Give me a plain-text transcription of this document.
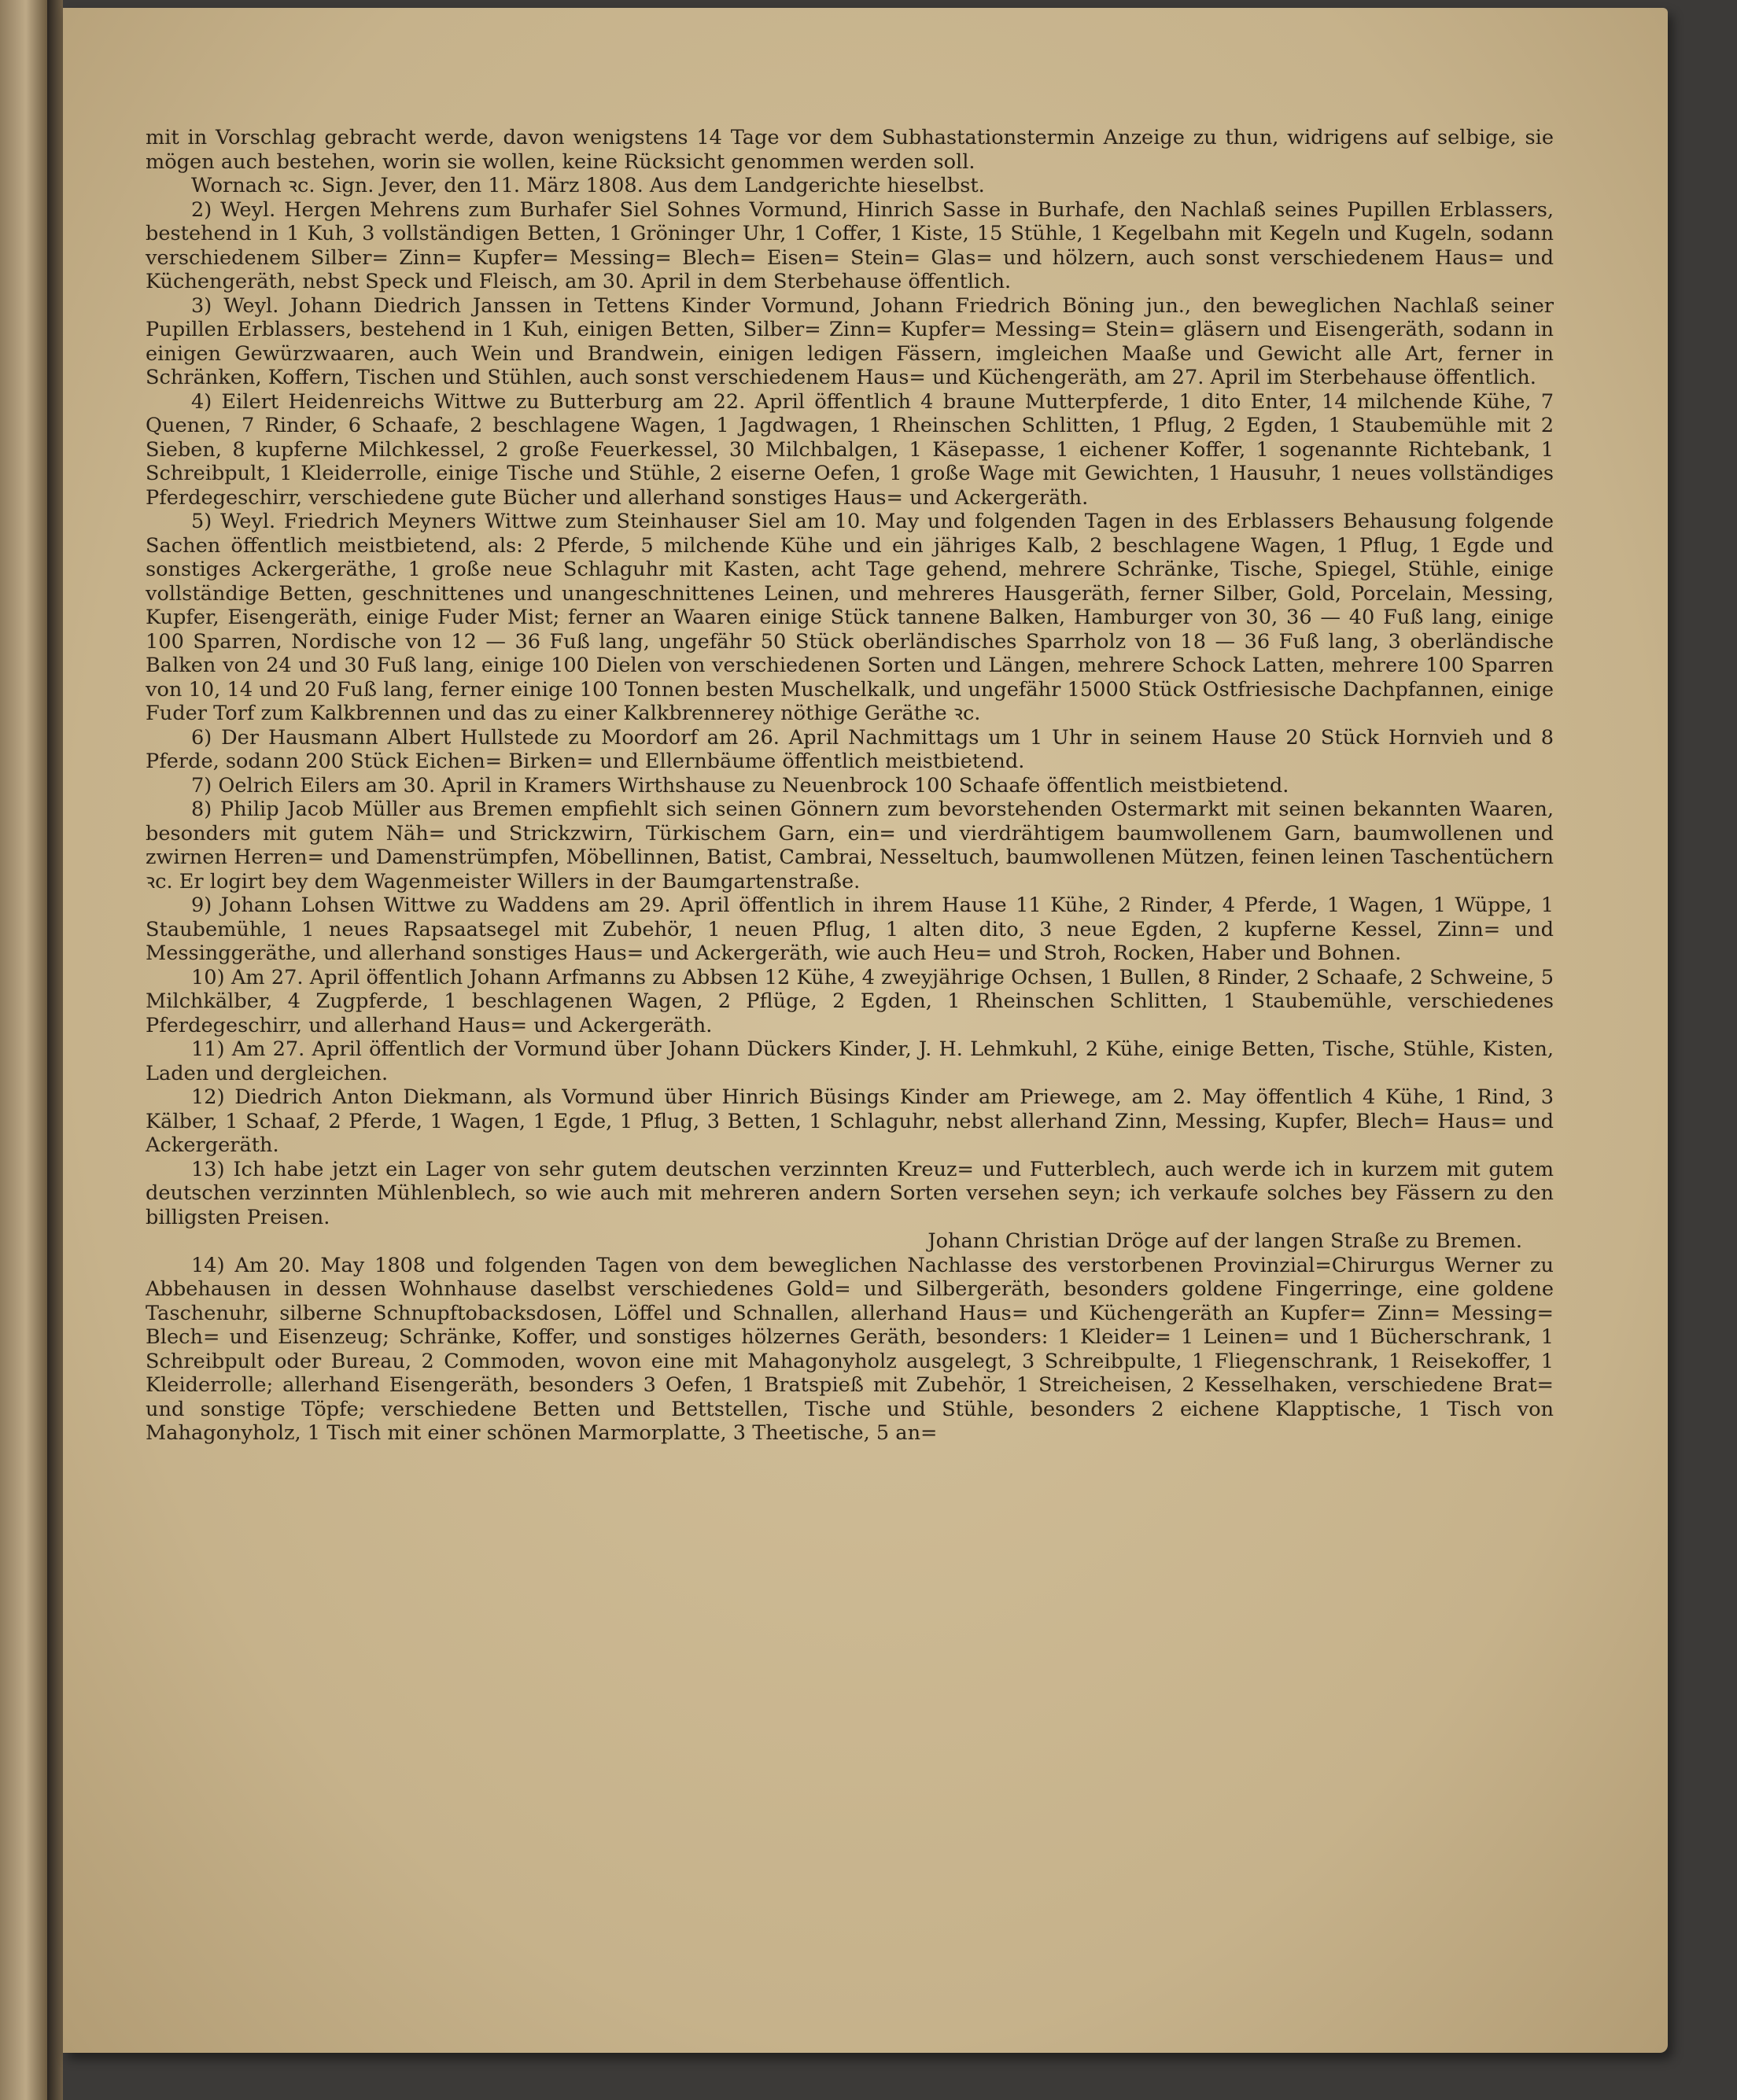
mit in Vorschlag gebracht werde, davon wenigstens 14 Tage vor dem Subhastationstermin Anzeige zu thun, widrigens auf selbige, sie mögen auch bestehen, worin sie wollen, keine Rücksicht genommen werden soll.

Wornach ꝛc. Sign. Jever, den 11. März 1808. Aus dem Landgerichte hieselbst.

2) Weyl. Hergen Mehrens zum Burhafer Siel Sohnes Vormund, Hinrich Sasse in Burhafe, den Nachlaß seines Pupillen Erblassers, bestehend in 1 Kuh, 3 vollständigen Betten, 1 Gröninger Uhr, 1 Coffer, 1 Kiste, 15 Stühle, 1 Kegelbahn mit Kegeln und Kugeln, sodann verschiedenem Silber= Zinn= Kupfer= Messing= Blech= Eisen= Stein= Glas= und hölzern, auch sonst verschiedenem Haus= und Küchengeräth, nebst Speck und Fleisch, am 30. April in dem Sterbehause öffentlich.

3) Weyl. Johann Diedrich Janssen in Tettens Kinder Vormund, Johann Friedrich Böning jun., den beweglichen Nachlaß seiner Pupillen Erblassers, bestehend in 1 Kuh, einigen Betten, Silber= Zinn= Kupfer= Messing= Stein= gläsern und Eisengeräth, sodann in einigen Gewürzwaaren, auch Wein und Brandwein, einigen ledigen Fässern, imgleichen Maaße und Gewicht alle Art, ferner in Schränken, Koffern, Tischen und Stühlen, auch sonst verschiedenem Haus= und Küchengeräth, am 27. April im Sterbehause öffentlich.

4) Eilert Heidenreichs Wittwe zu Butterburg am 22. April öffentlich 4 braune Mutterpferde, 1 dito Enter, 14 milchende Kühe, 7 Quenen, 7 Rinder, 6 Schaafe, 2 beschlagene Wagen, 1 Jagdwagen, 1 Rheinschen Schlitten, 1 Pflug, 2 Egden, 1 Staubemühle mit 2 Sieben, 8 kupferne Milchkessel, 2 große Feuerkessel, 30 Milchbalgen, 1 Käsepasse, 1 eichener Koffer, 1 sogenannte Richtebank, 1 Schreibpult, 1 Kleiderrolle, einige Tische und Stühle, 2 eiserne Oefen, 1 große Wage mit Gewichten, 1 Hausuhr, 1 neues vollständiges Pferdegeschirr, verschiedene gute Bücher und allerhand sonstiges Haus= und Ackergeräth.

5) Weyl. Friedrich Meyners Wittwe zum Steinhauser Siel am 10. May und folgenden Tagen in des Erblassers Behausung folgende Sachen öffentlich meistbietend, als: 2 Pferde, 5 milchende Kühe und ein jähriges Kalb, 2 beschlagene Wagen, 1 Pflug, 1 Egde und sonstiges Ackergeräthe, 1 große neue Schlaguhr mit Kasten, acht Tage gehend, mehrere Schränke, Tische, Spiegel, Stühle, einige vollständige Betten, geschnittenes und unangeschnittenes Leinen, und mehreres Hausgeräth, ferner Silber, Gold, Porcelain, Messing, Kupfer, Eisengeräth, einige Fuder Mist; ferner an Waaren einige Stück tannene Balken, Hamburger von 30, 36 — 40 Fuß lang, einige 100 Sparren, Nordische von 12 — 36 Fuß lang, ungefähr 50 Stück oberländisches Sparrholz von 18 — 36 Fuß lang, 3 oberländische Balken von 24 und 30 Fuß lang, einige 100 Dielen von verschiedenen Sorten und Längen, mehrere Schock Latten, mehrere 100 Sparren von 10, 14 und 20 Fuß lang, ferner einige 100 Tonnen besten Muschelkalk, und ungefähr 15000 Stück Ostfriesische Dachpfannen, einige Fuder Torf zum Kalkbrennen und das zu einer Kalkbrennerey nöthige Geräthe ꝛc.

6) Der Hausmann Albert Hullstede zu Moordorf am 26. April Nachmittags um 1 Uhr in seinem Hause 20 Stück Hornvieh und 8 Pferde, sodann 200 Stück Eichen= Birken= und Ellernbäume öffentlich meistbietend.

7) Oelrich Eilers am 30. April in Kramers Wirthshause zu Neuenbrock 100 Schaafe öffentlich meistbietend.

8) Philip Jacob Müller aus Bremen empfiehlt sich seinen Gönnern zum bevorstehenden Ostermarkt mit seinen bekannten Waaren, besonders mit gutem Näh= und Strickzwirn, Türkischem Garn, ein= und vierdrähtigem baumwollenem Garn, baumwollenen und zwirnen Herren= und Damenstrümpfen, Möbellinnen, Batist, Cambrai, Nesseltuch, baumwollenen Mützen, feinen leinen Taschentüchern ꝛc. Er logirt bey dem Wagenmeister Willers in der Baumgartenstraße.

9) Johann Lohsen Wittwe zu Waddens am 29. April öffentlich in ihrem Hause 11 Kühe, 2 Rinder, 4 Pferde, 1 Wagen, 1 Wüppe, 1 Staubemühle, 1 neues Rapsaatsegel mit Zubehör, 1 neuen Pflug, 1 alten dito, 3 neue Egden, 2 kupferne Kessel, Zinn= und Messinggeräthe, und allerhand sonstiges Haus= und Ackergeräth, wie auch Heu= und Stroh, Rocken, Haber und Bohnen.

10) Am 27. April öffentlich Johann Arfmanns zu Abbsen 12 Kühe, 4 zweyjährige Ochsen, 1 Bullen, 8 Rinder, 2 Schaafe, 2 Schweine, 5 Milchkälber, 4 Zugpferde, 1 beschlagenen Wagen, 2 Pflüge, 2 Egden, 1 Rheinschen Schlitten, 1 Staubemühle, verschiedenes Pferdegeschirr, und allerhand Haus= und Ackergeräth.

11) Am 27. April öffentlich der Vormund über Johann Dückers Kinder, J. H. Lehmkuhl, 2 Kühe, einige Betten, Tische, Stühle, Kisten, Laden und dergleichen.

12) Diedrich Anton Diekmann, als Vormund über Hinrich Büsings Kinder am Priewege, am 2. May öffentlich 4 Kühe, 1 Rind, 3 Kälber, 1 Schaaf, 2 Pferde, 1 Wagen, 1 Egde, 1 Pflug, 3 Betten, 1 Schlaguhr, nebst allerhand Zinn, Messing, Kupfer, Blech= Haus= und Ackergeräth.

13) Ich habe jetzt ein Lager von sehr gutem deutschen verzinnten Kreuz= und Futterblech, auch werde ich in kurzem mit gutem deutschen verzinnten Mühlenblech, so wie auch mit mehreren andern Sorten versehen seyn; ich verkaufe solches bey Fässern zu den billigsten Preisen.

Johann Christian Dröge auf der langen Straße zu Bremen.

14) Am 20. May 1808 und folgenden Tagen von dem beweglichen Nachlasse des verstorbenen Provinzial=Chirurgus Werner zu Abbehausen in dessen Wohnhause daselbst verschiedenes Gold= und Silbergeräth, besonders goldene Fingerringe, eine goldene Taschenuhr, silberne Schnupftobacksdosen, Löffel und Schnallen, allerhand Haus= und Küchengeräth an Kupfer= Zinn= Messing= Blech= und Eisenzeug; Schränke, Koffer, und sonstiges hölzernes Geräth, besonders: 1 Kleider= 1 Leinen= und 1 Bücherschrank, 1 Schreibpult oder Bureau, 2 Commoden, wovon eine mit Mahagonyholz ausgelegt, 3 Schreibpulte, 1 Fliegenschrank, 1 Reisekoffer, 1 Kleiderrolle; allerhand Eisengeräth, besonders 3 Oefen, 1 Bratspieß mit Zubehör, 1 Streicheisen, 2 Kesselhaken, verschiedene Brat= und sonstige Töpfe; verschiedene Betten und Bettstellen, Tische und Stühle, besonders 2 eichene Klapptische, 1 Tisch von Mahagonyholz, 1 Tisch mit einer schönen Marmorplatte, 3 Theetische, 5 an=
